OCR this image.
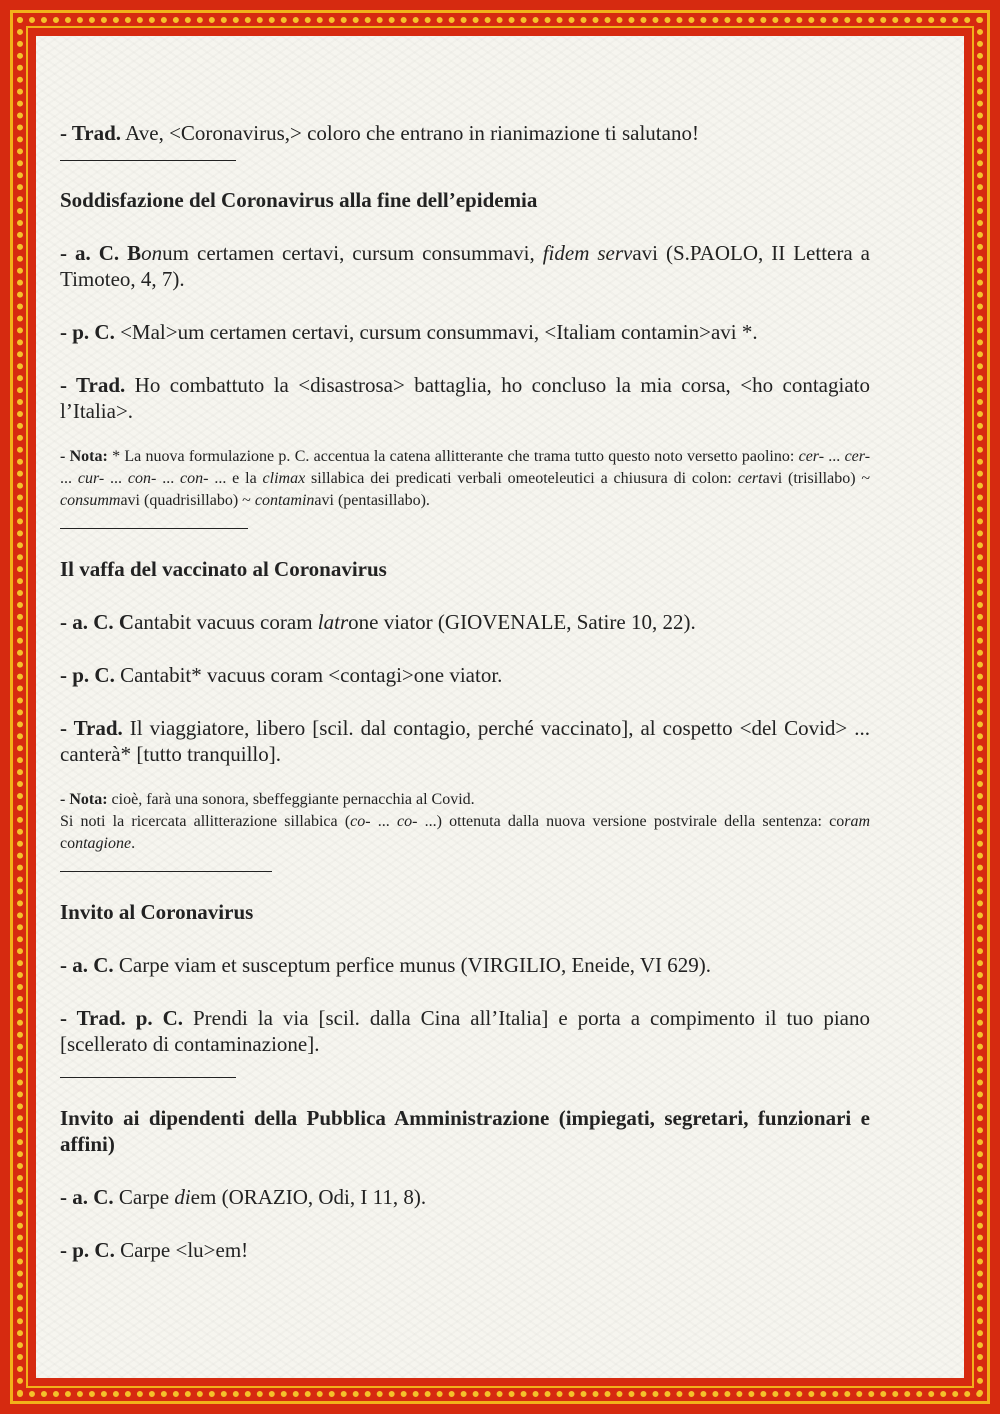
- Trad. Ave, <Coronavirus,> coloro che entrano in rianimazione ti salutano!

Soddisfazione del Coronavirus alla fine dell’epidemia

- a. C. Bonum certamen certavi, cursum consummavi, fidem servavi (S.PAOLO, II Lettera a Timoteo, 4, 7).

- p. C. <Mal>um certamen certavi, cursum consummavi, <Italiam contamin>avi *.

- Trad. Ho combattuto la <disastrosa> battaglia, ho concluso la mia corsa, <ho contagiato l’Italia>.

- Nota: * La nuova formulazione p. C. accentua la catena allitterante che trama tutto questo noto versetto paolino: cer- ... cer- ... cur- ... con- ... con- ... e la climax sillabica dei predicati verbali omeoteleutici a chiusura di colon: certavi (trisillabo) ~ consummavi (quadrisillabo) ~ contaminavi (pentasillabo).

Il vaffa del vaccinato al Coronavirus

- a. C. Cantabit vacuus coram latrone viator (GIOVENALE, Satire 10, 22).

- p. C. Cantabit* vacuus coram <contagi>one viator.

- Trad. Il viaggiatore, libero [scil. dal contagio, perché vaccinato], al cospetto <del Covid> ... canterà* [tutto tranquillo].

- Nota: cioè, farà una sonora, sbeffeggiante pernacchia al Covid.

Si noti la ricercata allitterazione sillabica (co- ... co- ...) ottenuta dalla nuova versione postvirale della sentenza: coram contagione.

Invito al Coronavirus

- a. C. Carpe viam et susceptum perfice munus (VIRGILIO, Eneide, VI 629).

- Trad. p. C. Prendi la via [scil. dalla Cina all’Italia] e porta a compimento il tuo piano [scellerato di contaminazione].

Invito ai dipendenti della Pubblica Amministrazione (impiegati, segretari, funzionari e affini)

- a. C. Carpe diem (ORAZIO, Odi, I 11, 8).

- p. C. Carpe <lu>em!
